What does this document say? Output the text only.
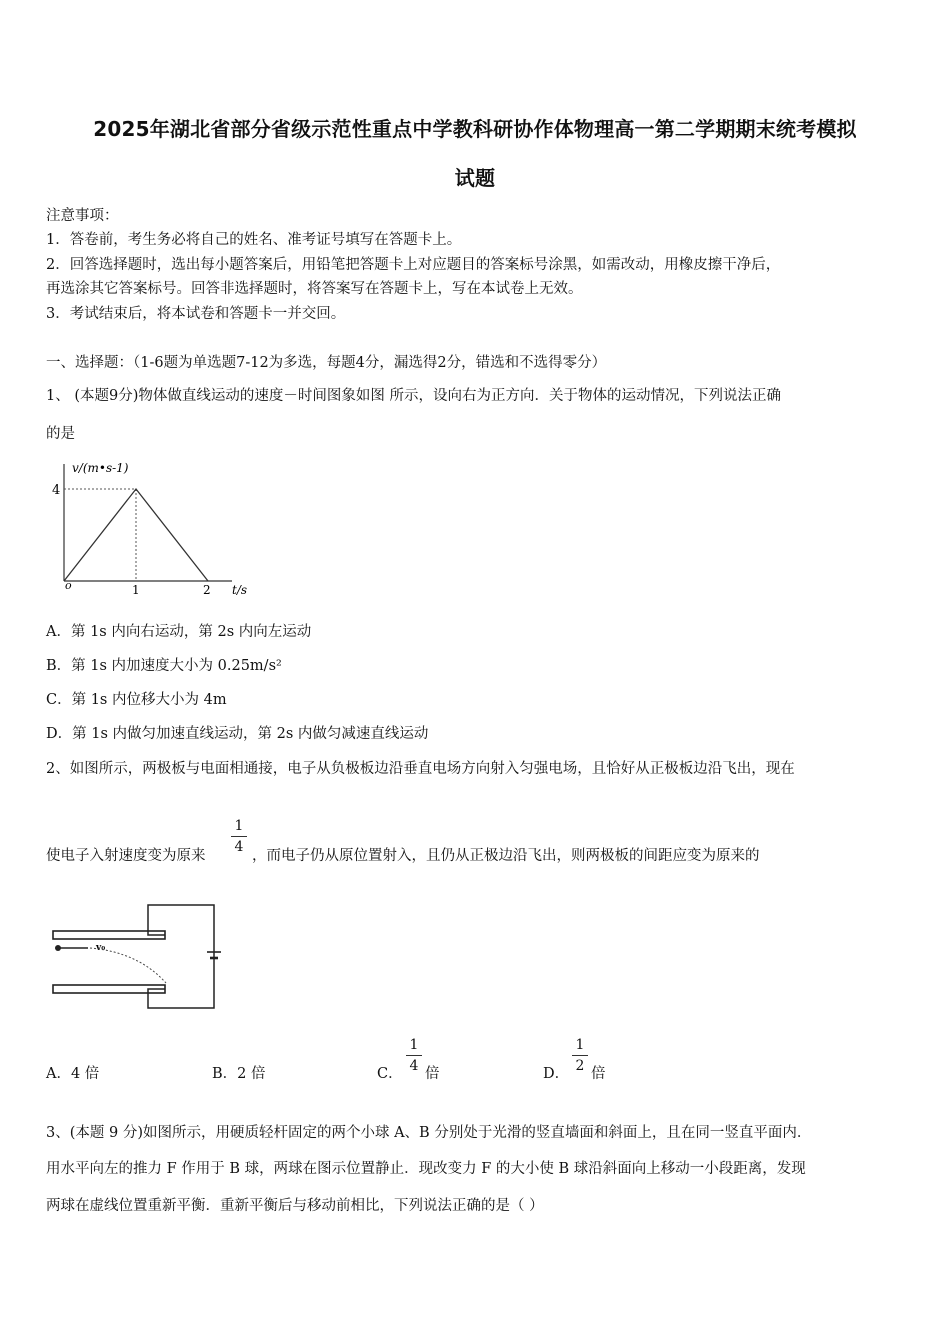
2025年湖北省部分省级示范性重点中学教科研协作体物理高一第二学期期末统考模拟
试题
注意事项：
1．答卷前，考生务必将自己的姓名、准考证号填写在答题卡上。
2．回答选择题时，选出每小题答案后，用铅笔把答题卡上对应题目的答案标号涂黑，如需改动，用橡皮擦干净后，
再选涂其它答案标号。回答非选择题时，将答案写在答题卡上，写在本试卷上无效。
3．考试结束后，将本试卷和答题卡一并交回。
一、选择题：（1-6题为单选题7-12为多选，每题4分，漏选得2分，错选和不选得零分）
1、 (本题9分)物体做直线运动的速度－时间图象如图 所示，设向右为正方向．关于物体的运动情况，下列说法正确
的是
v/(m•s-1)
4
o	1	2 t/s
A．第 1s 内向右运动，第 2s 内向左运动
B．第 1s 内加速度大小为 0.25m/s²
C．第 1s 内位移大小为 4m
D．第 1s 内做匀加速直线运动，第 2s 内做匀减速直线运动
2、如图所示，两极板与电面相通接，电子从负极板边沿垂直电场方向射入匀强电场，且恰好从正极板边沿飞出，现在
使电子入射速度变为原来
1
4
，而电子仍从原位置射入，且仍从正极边沿飞出，则两极板的间距应变为原来的
v₀
A．4 倍	B．2 倍	C．
1
4 倍	D．
1
2 倍
3、(本题 9 分)如图所示，用硬质轻杆固定的两个小球 A、B 分别处于光滑的竖直墙面和斜面上，且在同一竖直平面内．
用水平向左的推力 F 作用于 B 球，两球在图示位置静止．现改变力 F 的大小使 B 球沿斜面向上移动一小段距离，发现
两球在虚线位置重新平衡．重新平衡后与移动前相比，下列说法正确的是（ ）
